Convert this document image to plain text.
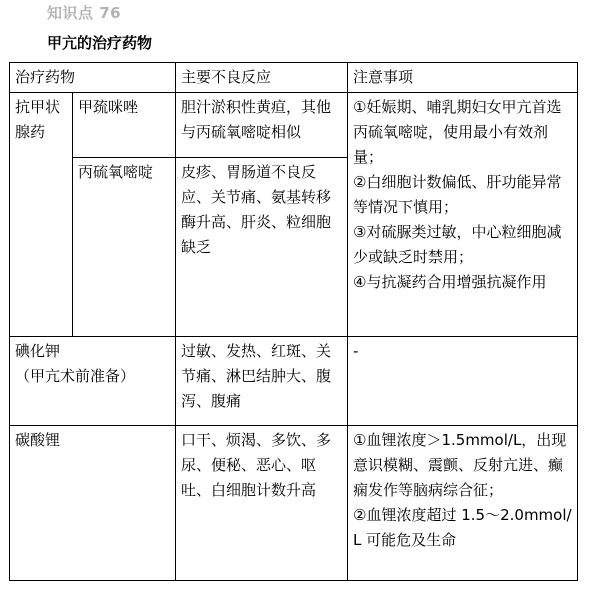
知识点 76
甲亢的治疗药物
治疗药物		主要不良反应	注意事项

抗甲状腺药	甲巯咪唑	胆汁淤积性黄疸，其他与丙硫氧嘧啶相似	①妊娠期、哺乳期妇女甲亢首选丙硫氧嘧啶，使用最小有效剂量；
②白细胞计数偏低、肝功能异常等情况下慎用；
③对硫脲类过敏，中心粒细胞减少或缺乏时禁用；
④与抗凝药合用增强抗凝作用

	丙硫氧嘧啶	皮疹、胃肠道不良反应、关节痛、氨基转移酶升高、肝炎、粒细胞缺乏	

碘化钾
（甲亢术前准备）		过敏、发热、红斑、关节痛、淋巴结肿大、腹泻、腹痛	-

碳酸锂		口干、烦渴、多饮、多尿、便秘、恶心、呕吐、白细胞计数升高	①血锂浓度＞1.5mmol/L，出现意识模糊、震颤、反射亢进、癫痫发作等脑病综合征；
②血锂浓度超过 1.5～2.0mmol/L 可能危及生命
